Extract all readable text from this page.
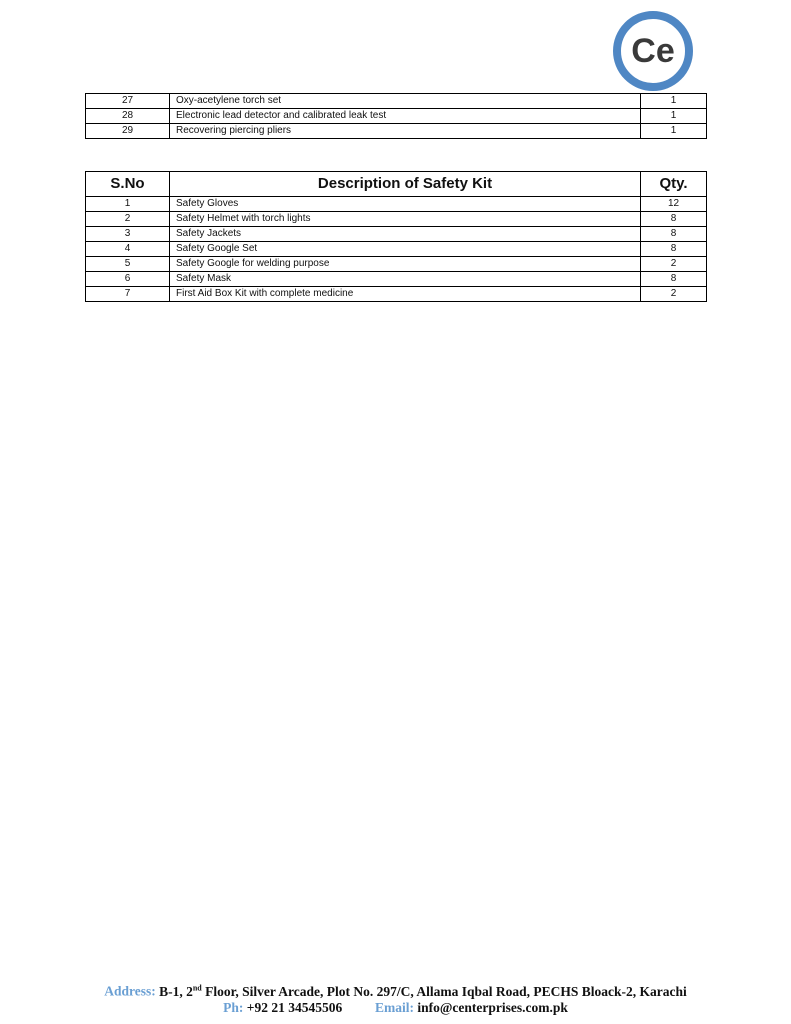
Ce
27	Oxy-acetylene torch set	1
28	Electronic lead detector and calibrated leak test	1
29	Recovering piercing pliers	1
S.No	Description of Safety Kit	Qty.
1	Safety Gloves	12
2	Safety Helmet with torch lights	8
3	Safety Jackets	8
4	Safety Google Set	8
5	Safety Google for welding purpose	2
6	Safety Mask	8
7	First Aid Box Kit with complete medicine	2
Address: B-1, 2nd Floor, Silver Arcade, Plot No. 297/C, Allama Iqbal Road, PECHS Bloack-2, Karachi
Ph: +92 21 34545506 Email: info@centerprises.com.pk
